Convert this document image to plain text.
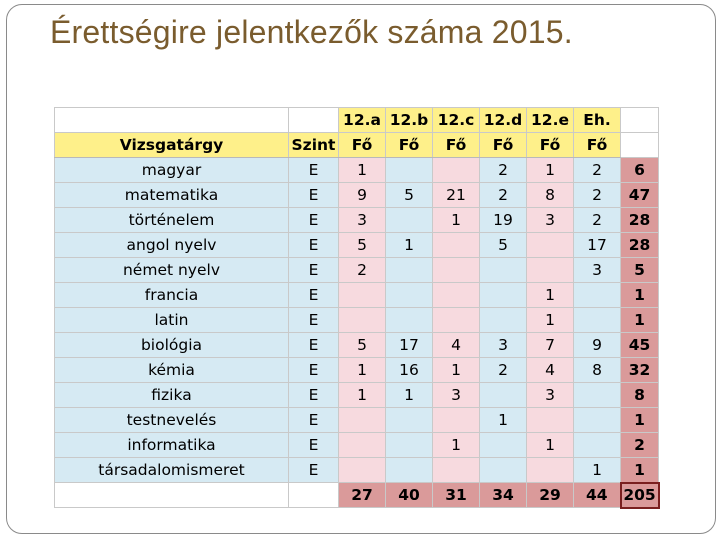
Érettségire jelentkezők száma 2015.
		12.a	12.b	12.c	12.d	12.e	Eh.	
Vizsgatárgy	Szint	Fő	Fő	Fő	Fő	Fő	Fő	
magyar	E	1			2	1	2	6
matematika	E	9	5	21	2	8	2	47
történelem	E	3		1	19	3	2	28
angol nyelv	E	5	1		5		17	28
német nyelv	E	2					3	5
francia	E					1		1
latin	E					1		1
biológia	E	5	17	4	3	7	9	45
kémia	E	1	16	1	2	4	8	32
fizika	E	1	1	3		3		8
testnevelés	E				1			1
informatika	E			1		1		2
társadalomismeret	E						1	1
		27	40	31	34	29	44	205
